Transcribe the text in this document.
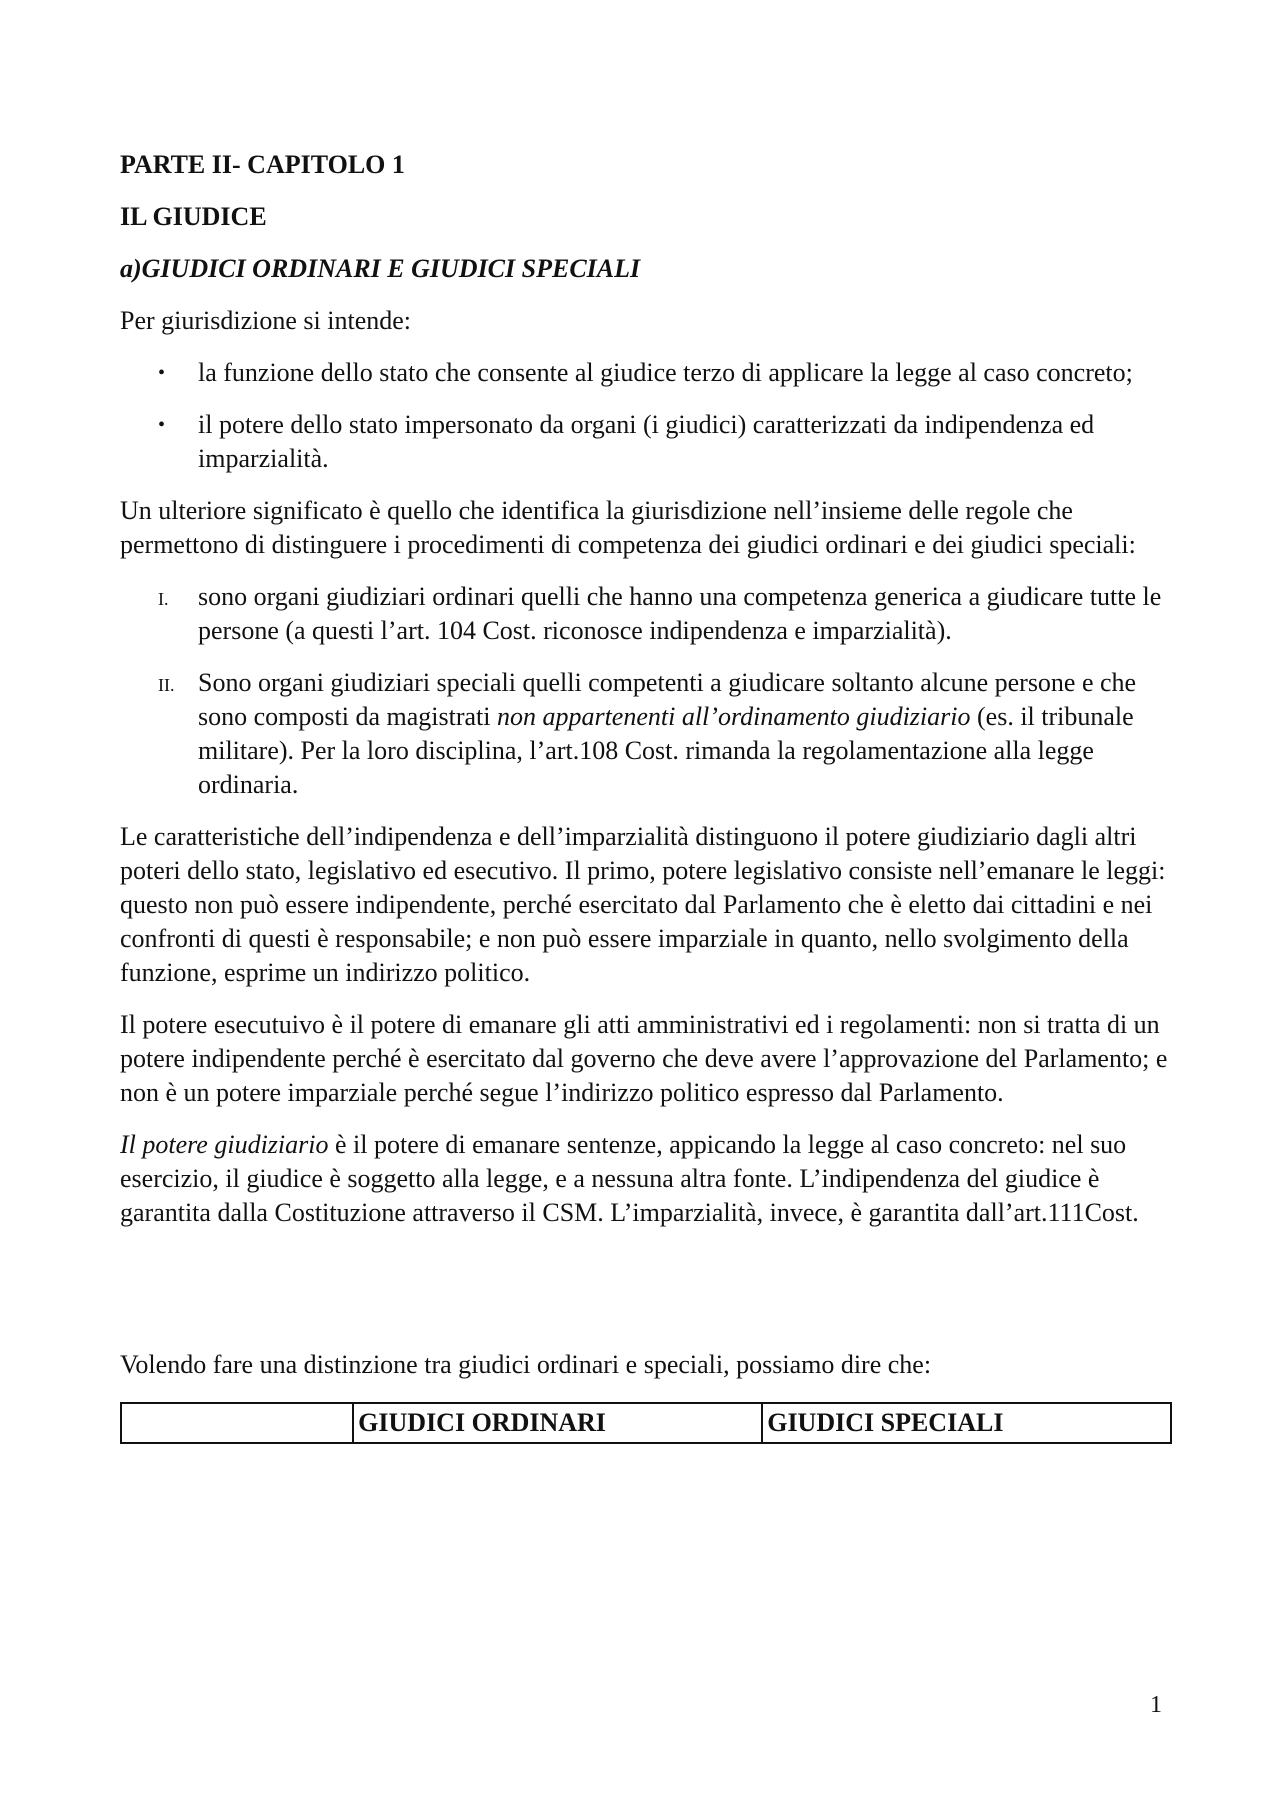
PARTE II- CAPITOLO 1

IL GIUDICE

a)GIUDICI ORDINARI E GIUDICI SPECIALI

Per giurisdizione si intende:

• la funzione dello stato che consente al giudice terzo di applicare la legge al caso concreto;
• il potere dello stato impersonato da organi (i giudici) caratterizzati da indipendenza ed imparzialità.

Un ulteriore significato è quello che identifica la giurisdizione nell’insieme delle regole che permettono di distinguere i procedimenti di competenza dei giudici ordinari e dei giudici speciali:

I. sono organi giudiziari ordinari quelli che hanno una competenza generica a giudicare tutte le persone (a questi l’art. 104 Cost. riconosce indipendenza e imparzialità).
II. Sono organi giudiziari speciali quelli competenti a giudicare soltanto alcune persone e che sono composti da magistrati non appartenenti all’ordinamento giudiziario (es. il tribunale militare). Per la loro disciplina, l’art.108 Cost. rimanda la regolamentazione alla legge ordinaria.

Le caratteristiche dell’indipendenza e dell’imparzialità distinguono il potere giudiziario dagli altri poteri dello stato, legislativo ed esecutivo. Il primo, potere legislativo consiste nell’emanare le leggi: questo non può essere indipendente, perché esercitato dal Parlamento che è eletto dai cittadini e nei confronti di questi è responsabile; e non può essere imparziale in quanto, nello svolgimento della funzione, esprime un indirizzo politico.

Il potere esecutuivo è il potere di emanare gli atti amministrativi ed i regolamenti: non si tratta di un potere indipendente perché è esercitato dal governo che deve avere l’approvazione del Parlamento; e non è un potere imparziale perché segue l’indirizzo politico espresso dal Parlamento.

Il potere giudiziario è il potere di emanare sentenze, appicando la legge al caso concreto: nel suo esercizio, il giudice è soggetto alla legge, e a nessuna altra fonte. L’indipendenza del giudice è garantita dalla Costituzione attraverso il CSM. L’imparzialità, invece, è garantita dall’art.111Cost.

Volendo fare una distinzione tra giudici ordinari e speciali, possiamo dire che:

	GIUDICI ORDINARI	GIUDICI SPECIALI
1
